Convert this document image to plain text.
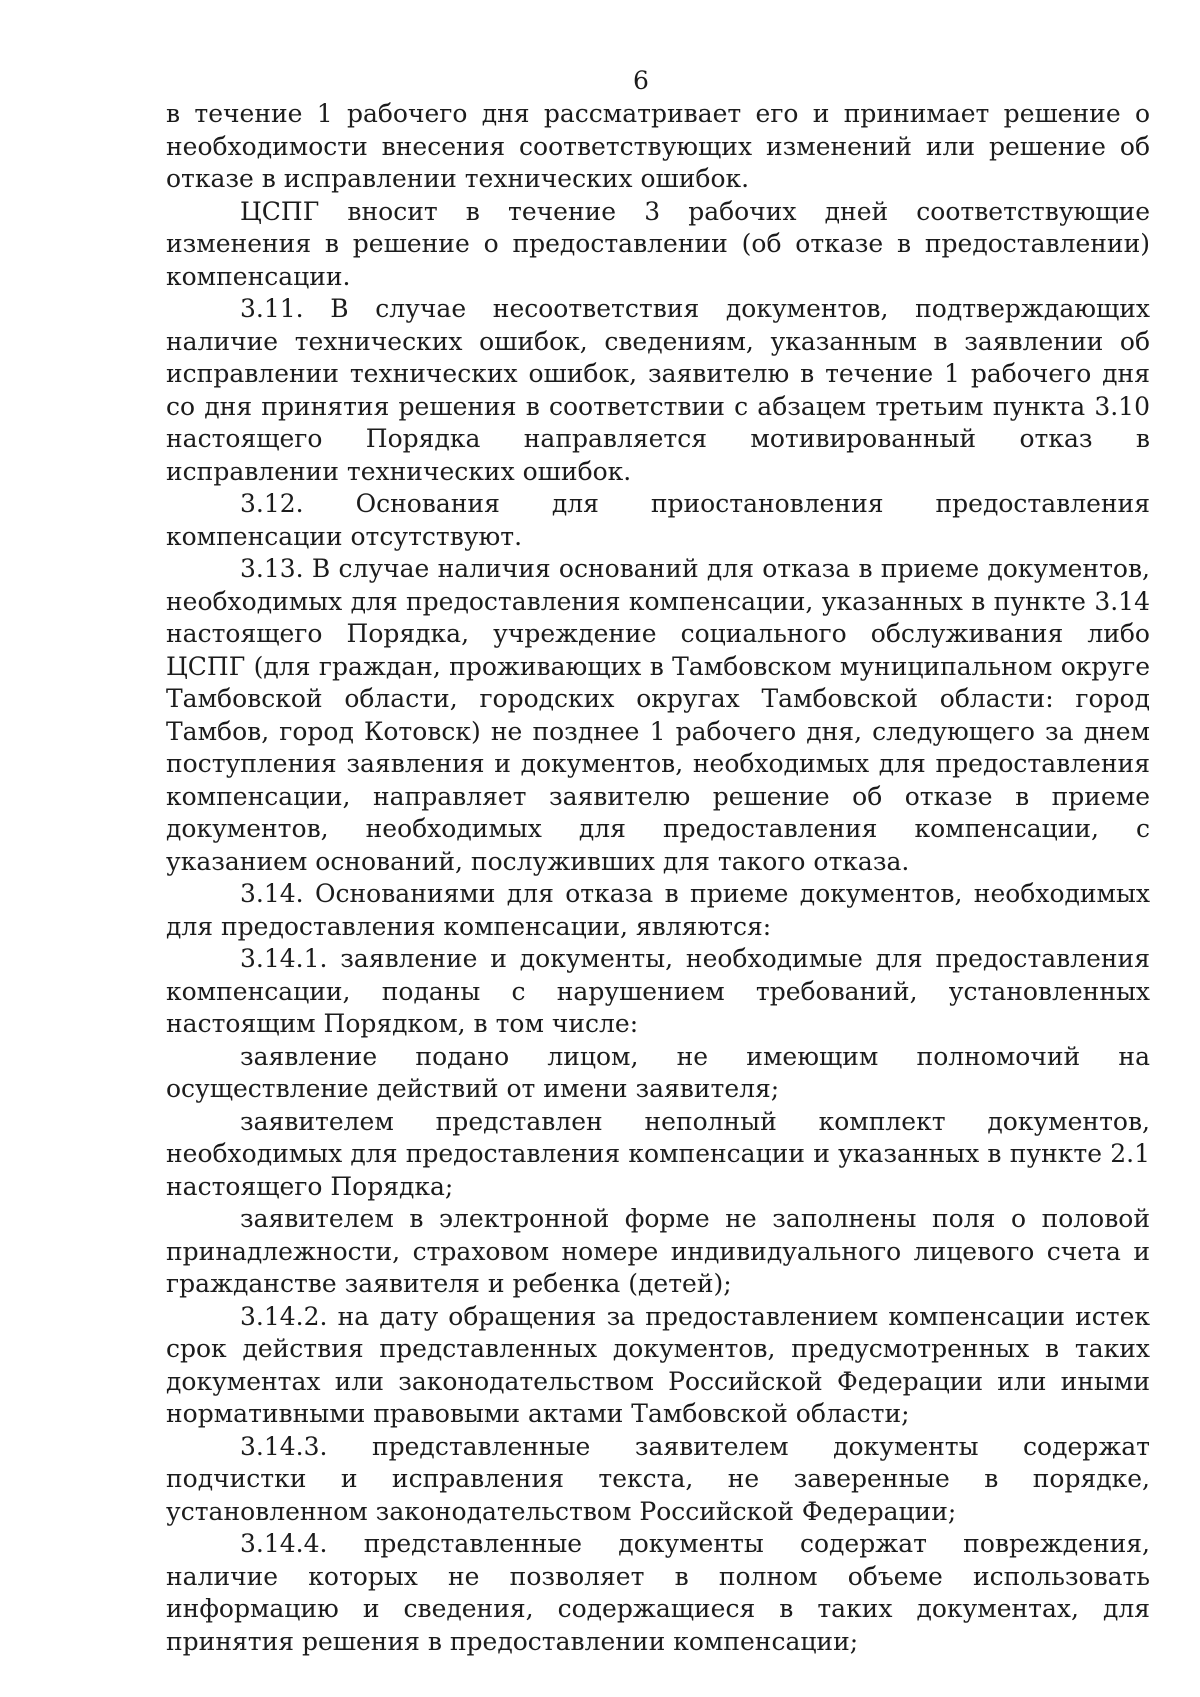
6

в течение 1 рабочего дня рассматривает его и принимает решение о необходимости внесения соответствующих изменений или решение об отказе в исправлении технических ошибок.

ЦСПГ вносит в течение 3 рабочих дней соответствующие изменения в решение о предоставлении (об отказе в предоставлении) компенсации.

3.11. В случае несоответствия документов, подтверждающих наличие технических ошибок, сведениям, указанным в заявлении об исправлении технических ошибок, заявителю в течение 1 рабочего дня со дня принятия решения в соответствии с абзацем третьим пункта 3.10 настоящего Порядка направляется мотивированный отказ в исправлении технических ошибок.

3.12. Основания для приостановления предоставления компенсации отсутствуют.

3.13. В случае наличия оснований для отказа в приеме документов, необходимых для предоставления компенсации, указанных в пункте 3.14 настоящего Порядка, учреждение социального обслуживания либо ЦСПГ (для граждан, проживающих в Тамбовском муниципальном округе Тамбовской области, городских округах Тамбовской области: город Тамбов, город Котовск) не позднее 1 рабочего дня, следующего за днем поступления заявления и документов, необходимых для предоставления компенсации, направляет заявителю решение об отказе в приеме документов, необходимых для предоставления компенсации, с указанием оснований, послуживших для такого отказа.

3.14. Основаниями для отказа в приеме документов, необходимых для предоставления компенсации, являются:

3.14.1. заявление и документы, необходимые для предоставления компенсации, поданы с нарушением требований, установленных настоящим Порядком, в том числе:

заявление подано лицом, не имеющим полномочий на осуществление действий от имени заявителя;

заявителем представлен неполный комплект документов, необходимых для предоставления компенсации и указанных в пункте 2.1 настоящего Порядка;

заявителем в электронной форме не заполнены поля о половой принадлежности, страховом номере индивидуального лицевого счета и гражданстве заявителя и ребенка (детей);

3.14.2. на дату обращения за предоставлением компенсации истек срок действия представленных документов, предусмотренных в таких документах или законодательством Российской Федерации или иными нормативными правовыми актами Тамбовской области;

3.14.3. представленные заявителем документы содержат подчистки и исправления текста, не заверенные в порядке, установленном законодательством Российской Федерации;

3.14.4. представленные документы содержат повреждения, наличие которых не позволяет в полном объеме использовать информацию и сведения, содержащиеся в таких документах, для принятия решения в предоставлении компенсации;
